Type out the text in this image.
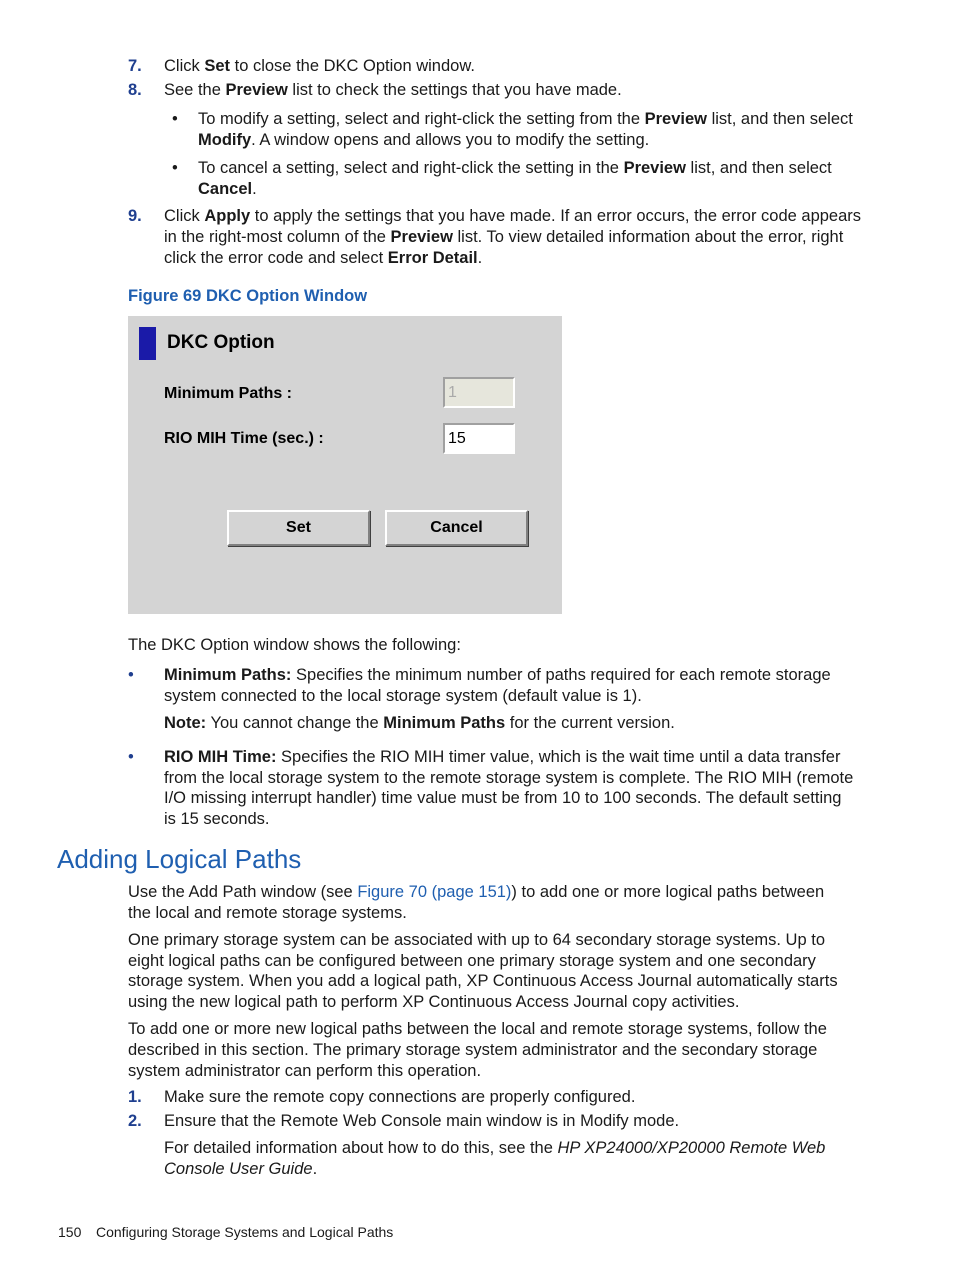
7. Click Set to close the DKC Option window.
8. See the Preview list to check the settings that you have made.
• To modify a setting, select and right-click the setting from the Preview list, and then select
Modify. A window opens and allows you to modify the setting.
• To cancel a setting, select and right-click the setting in the Preview list, and then select
Cancel.
9. Click Apply to apply the settings that you have made. If an error occurs, the error code appears
in the right-most column of the Preview list. To view detailed information about the error, right
click the error code and select Error Detail.
Figure 69 DKC Option Window
DKC Option
Minimum Paths :	1
RIO MIH Time (sec.) :	15
Set	Cancel
The DKC Option window shows the following:
• Minimum Paths: Specifies the minimum number of paths required for each remote storage
system connected to the local storage system (default value is 1).
Note: You cannot change the Minimum Paths for the current version.
• RIO MIH Time: Specifies the RIO MIH timer value, which is the wait time until a data transfer
from the local storage system to the remote storage system is complete. The RIO MIH (remote
I/O missing interrupt handler) time value must be from 10 to 100 seconds. The default setting
is 15 seconds.
Adding Logical Paths
Use the Add Path window (see Figure 70 (page 151)) to add one or more logical paths between
the local and remote storage systems.
One primary storage system can be associated with up to 64 secondary storage systems. Up to
eight logical paths can be configured between one primary storage system and one secondary
storage system. When you add a logical path, XP Continuous Access Journal automatically starts
using the new logical path to perform XP Continuous Access Journal copy activities.
To add one or more new logical paths between the local and remote storage systems, follow the
described in this section. The primary storage system administrator and the secondary storage
system administrator can perform this operation.
1. Make sure the remote copy connections are properly configured.
2. Ensure that the Remote Web Console main window is in Modify mode.
For detailed information about how to do this, see the HP XP24000/XP20000 Remote Web
Console User Guide.
150 Configuring Storage Systems and Logical Paths
